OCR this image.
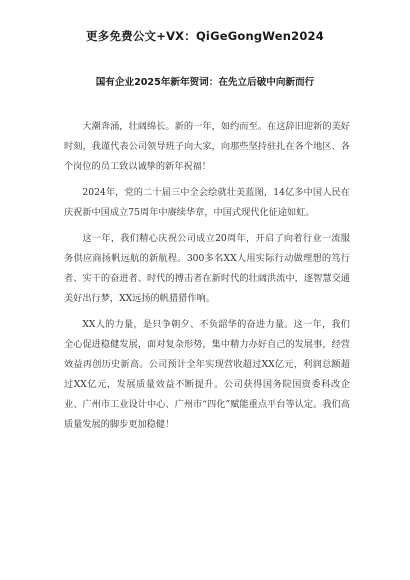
更多免费公文+VX：QiGeGongWen2024
国有企业2025年新年贺词：在先立后破中向新而行

大潮奔涌，壮阔绵长。新的一年，如约而至。在这辞旧迎新的美好时刻，我谨代表公司领导班子向大家，向那些坚持驻扎在各个地区、各个岗位的员工致以诚挚的新年祝福！

2024年，党的二十届三中全会绘就壮美蓝图，14亿多中国人民在庆祝新中国成立75周年中赓续华章，中国式现代化征途如虹。

这一年，我们精心庆祝公司成立20周年，开启了向着行业一流服务供应商扬帆远航的新航程。300多名XX人用实际行动做理想的笃行者、实干的奋进者、时代的搏击者在新时代的壮阔洪流中，逐智慧交通美好出行梦，XX远扬的帆猎猎作响。

XX人的力量，是只争朝夕、不负韶华的奋进力量。这一年，我们全心促进稳健发展，面对复杂形势，集中精力办好自己的发展事，经营效益再创历史新高。公司预计全年实现营收超过XX亿元，利润总额超过XX亿元，发展质量效益不断提升。公司获得国务院国资委科改企业、广州市工业设计中心、广州市“四化”赋能重点平台等认定。我们高质量发展的脚步更加稳健！
